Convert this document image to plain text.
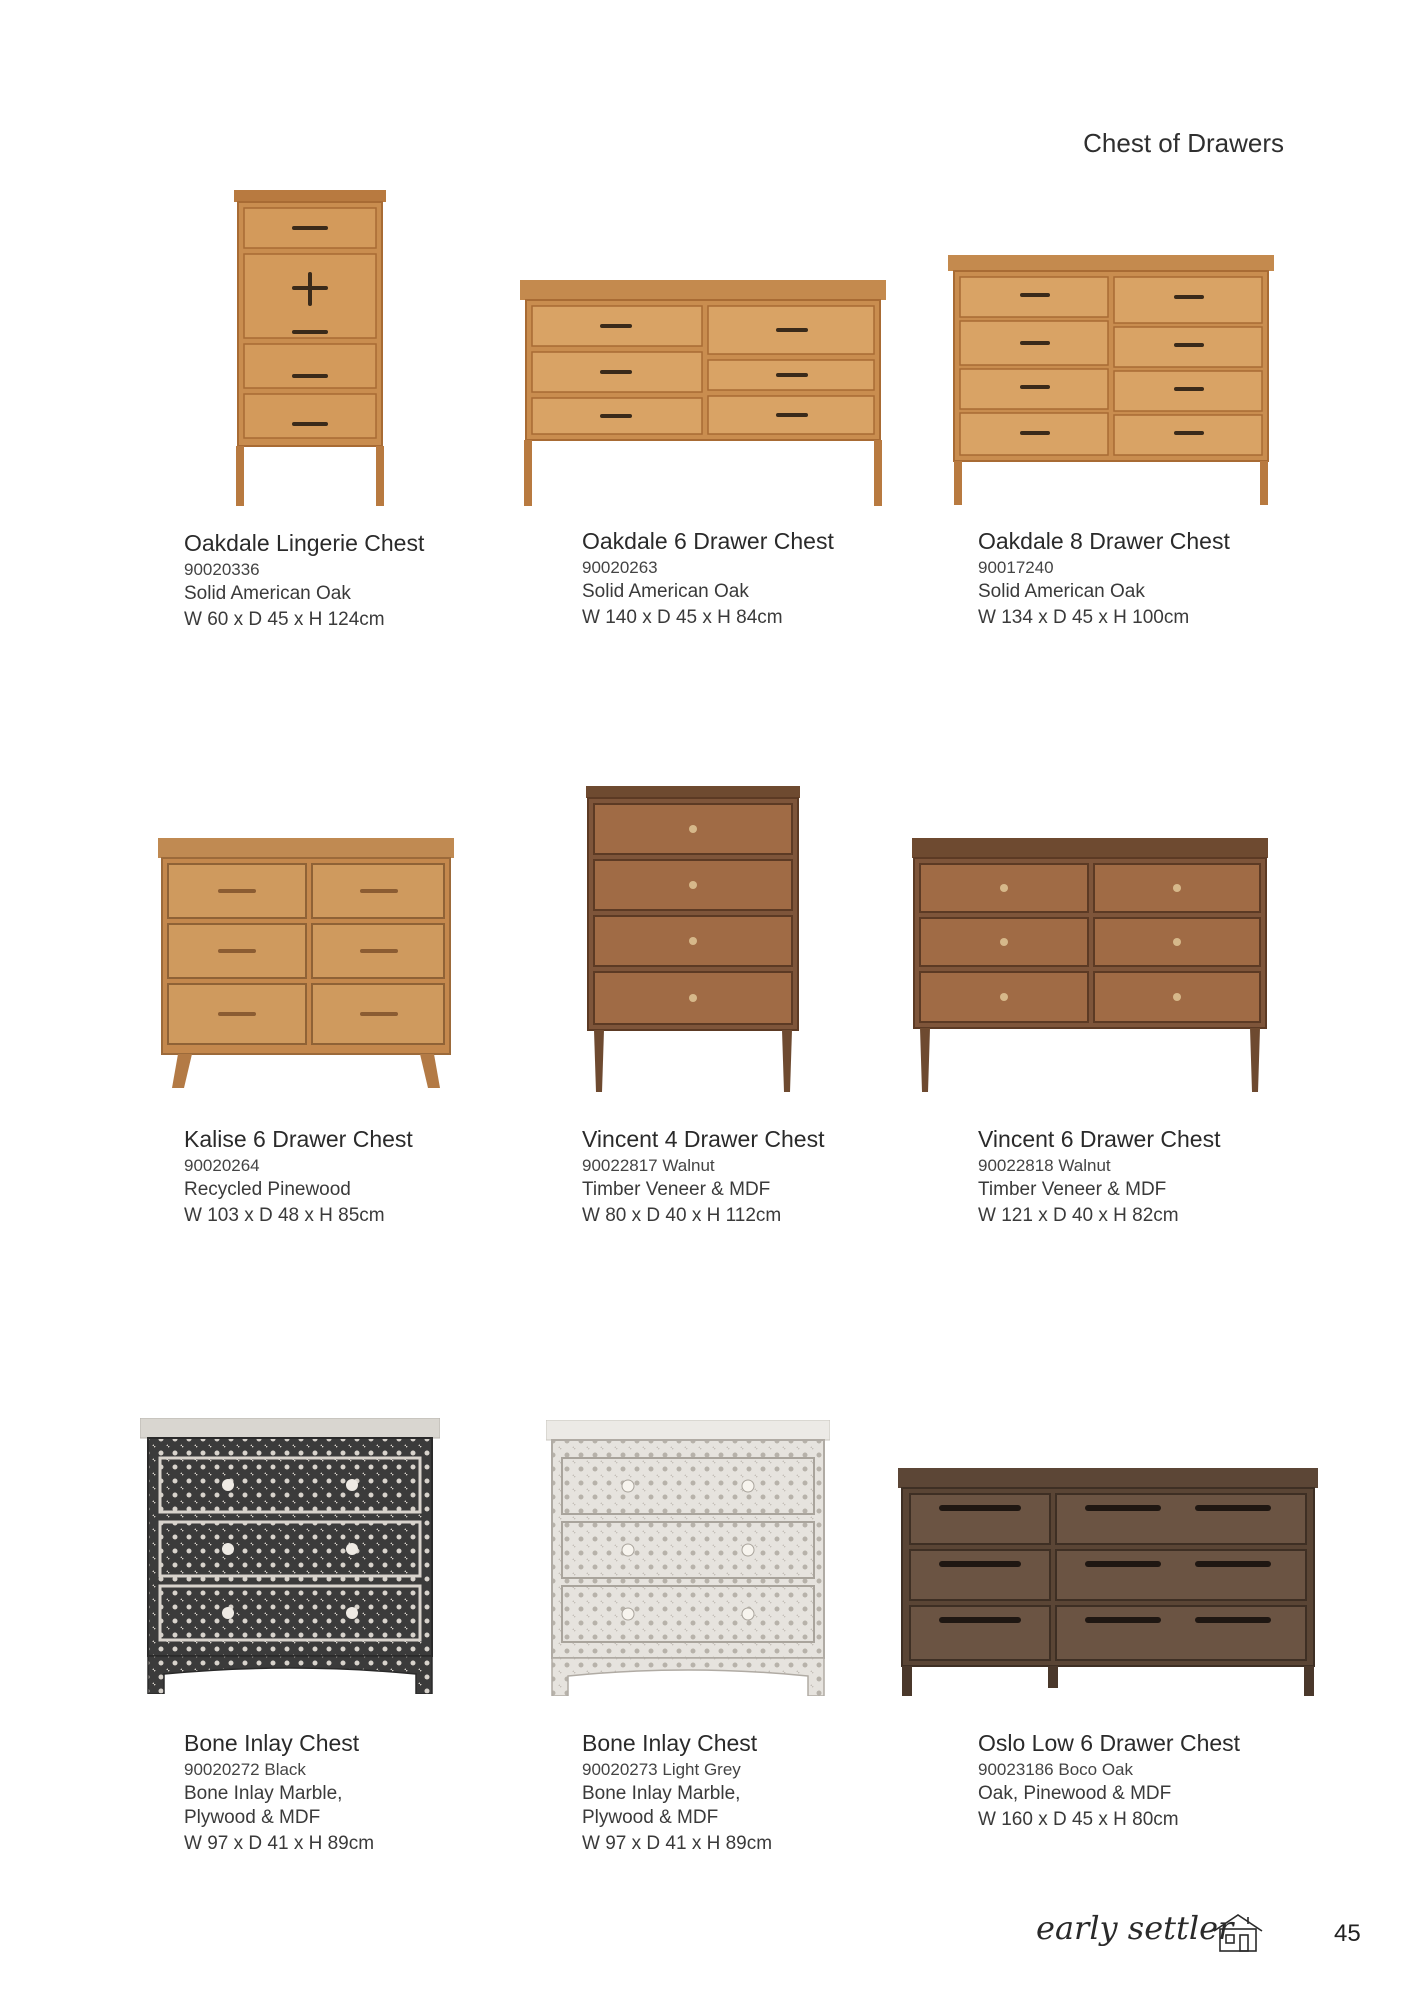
Chest of Drawers
Oakdale Lingerie Chest
90020336
Solid American Oak
W 60 x D 45 x H 124cm
Oakdale 6 Drawer Chest
90020263
Solid American Oak
W 140 x D 45 x H 84cm
Oakdale 8 Drawer Chest
90017240
Solid American Oak
W 134 x D 45 x H 100cm
Kalise 6 Drawer Chest
90020264
Recycled Pinewood
W 103 x D 48 x H 85cm
Vincent 4 Drawer Chest
90022817 Walnut
Timber Veneer & MDF
W 80 x D 40 x H 112cm
Vincent 6 Drawer Chest
90022818 Walnut
Timber Veneer & MDF
W 121 x D 40 x H 82cm
Bone Inlay Chest
90020272 Black
Bone Inlay Marble,
Plywood & MDF
W 97 x D 41 x H 89cm
Bone Inlay Chest
90020273 Light Grey
Bone Inlay Marble,
Plywood & MDF
W 97 x D 41 x H 89cm
Oslo Low 6 Drawer Chest
90023186 Boco Oak
Oak, Pinewood & MDF
W 160 x D 45 x H 80cm
early settler	45
